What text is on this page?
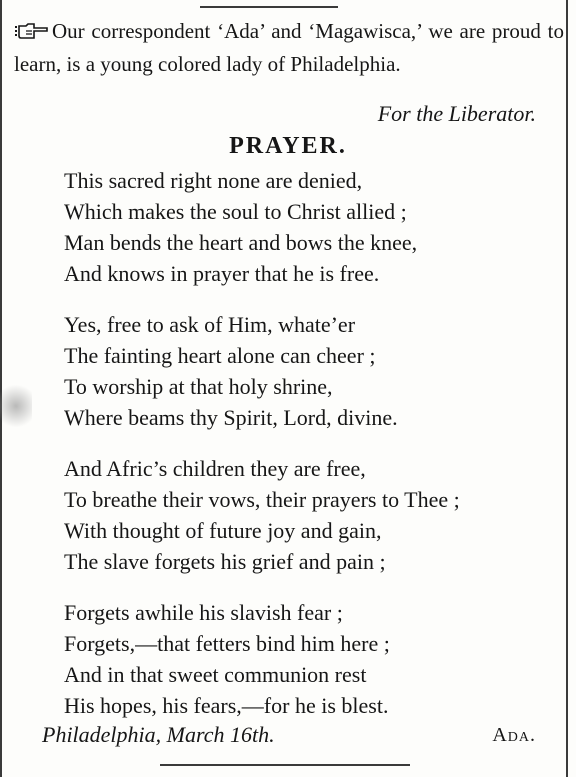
Our correspondent ‘Ada’ and ‘Magawisca,’ we are proud to learn, is a young colored lady of Philadelphia.
For the Liberator.
PRAYER.
This sacred right none are denied,
Which makes the soul to Christ allied ;
Man bends the heart and bows the knee,
And knows in prayer that he is free.
Yes, free to ask of Him, whate’er
The fainting heart alone can cheer ;
To worship at that holy shrine,
Where beams thy Spirit, Lord, divine.
And Afric’s children they are free,
To breathe their vows, their prayers to Thee ;
With thought of future joy and gain,
The slave forgets his grief and pain ;
Forgets awhile his slavish fear ;
Forgets,—that fetters bind him here ;
And in that sweet communion rest
His hopes, his fears,—for he is blest.
Philadelphia, March 16th.	Ada.
